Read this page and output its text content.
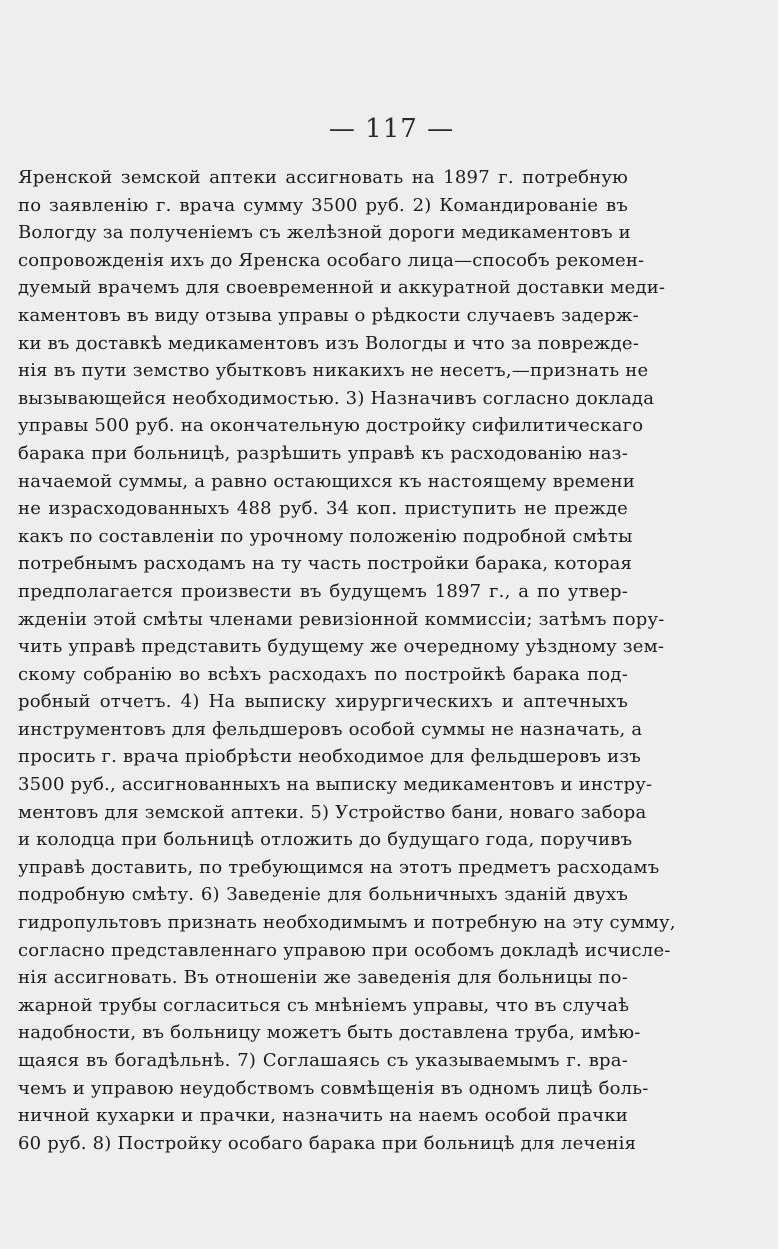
— 117 —
Яренской земской аптеки ассигновать на 1897 г. потребную
по заявленію г. врача сумму 3500 руб. 2) Командированіе въ
Вологду за полученіемъ съ желѣзной дороги медикаментовъ и
сопровожденія ихъ до Яренска особаго лица—способъ рекомен-
дуемый врачемъ для своевременной и аккуратной доставки меди-
каментовъ въ виду отзыва управы о рѣдкости случаевъ задерж-
ки въ доставкѣ медикаментовъ изъ Вологды и что за поврежде-
нія въ пути земство убытковъ никакихъ не несетъ,—признать не
вызывающейся необходимостью. 3) Назначивъ согласно доклада
управы 500 руб. на окончательную достройку сифилитическаго
барака при больницѣ, разрѣшить управѣ къ расходованію наз-
начаемой суммы, а равно остающихся къ настоящему времени
не израсходованныхъ 488 руб. 34 коп. приступить не прежде
какъ по составленіи по урочному положенію подробной смѣты
потребнымъ расходамъ на ту часть постройки барака, которая
предполагается произвести въ будущемъ 1897 г., а по утвер-
жденіи этой смѣты членами ревизіонной коммиссіи; затѣмъ пору-
чить управѣ представить будущему же очередному уѣздному зем-
скому собранію во всѣхъ расходахъ по постройкѣ барака под-
робный отчетъ. 4) На выписку хирургическихъ и аптечныхъ
инструментовъ для фельдшеровъ особой суммы не назначать, а
просить г. врача пріобрѣсти необходимое для фельдшеровъ изъ
3500 руб., ассигнованныхъ на выписку медикаментовъ и инстру-
ментовъ для земской аптеки. 5) Устройство бани, новаго забора
и колодца при больницѣ отложить до будущаго года, поручивъ
управѣ доставить, по требующимся на этотъ предметъ расходамъ
подробную смѣту. 6) Заведеніе для больничныхъ зданій двухъ
гидропультовъ признать необходимымъ и потребную на эту сумму,
согласно представленнаго управою при особомъ докладѣ исчисле-
нія ассигновать. Въ отношеніи же заведенія для больницы по-
жарной трубы согласиться съ мнѣніемъ управы, что въ случаѣ
надобности, въ больницу можетъ быть доставлена труба, имѣю-
щаяся въ богадѣльнѣ. 7) Соглашаясь съ указываемымъ г. вра-
чемъ и управою неудобствомъ совмѣщенія въ одномъ лицѣ боль-
ничной кухарки и прачки, назначить на наемъ особой прачки
60 руб. 8) Постройку особаго барака при больницѣ для леченія
